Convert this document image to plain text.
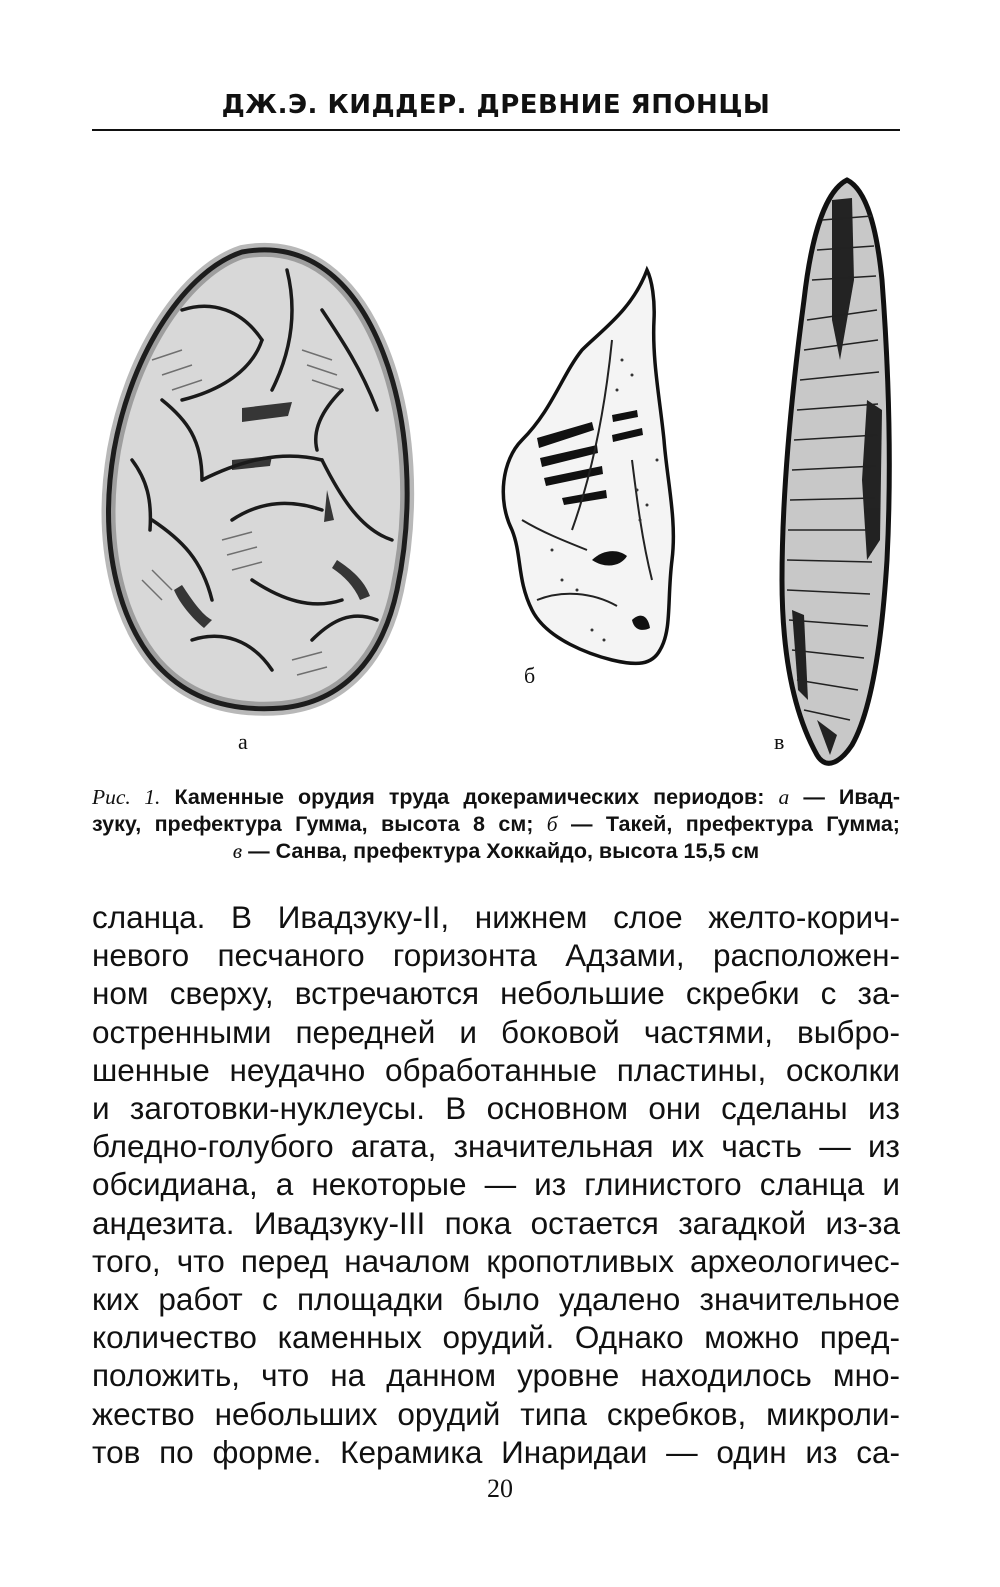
ДЖ.Э. КИДДЕР. ДРЕВНИЕ ЯПОНЦЫ
а
б
в
Рис. 1. Каменные орудия труда докерамических периодов: а — Ивад-
зуку, префектура Гумма, высота 8 см; б — Такей, префектура Гумма;
в — Санва, префектура Хоккайдо, высота 15,5 см
сланца. В Ивадзуку-II, нижнем слое желто-корич-
невого песчаного горизонта Адзами, расположен-
ном сверху, встречаются небольшие скребки с за-
остренными передней и боковой частями, выбро-
шенные неудачно обработанные пластины, осколки
и заготовки-нуклеусы. В основном они сделаны из
бледно-голубого агата, значительная их часть — из
обсидиана, а некоторые — из глинистого сланца и
андезита. Ивадзуку-III пока остается загадкой из-за
того, что перед началом кропотливых археологичес-
ких работ с площадки было удалено значительное
количество каменных орудий. Однако можно пред-
положить, что на данном уровне находилось мно-
жество небольших орудий типа скребков, микроли-
тов по форме. Керамика Инаридаи — один из са-
20
